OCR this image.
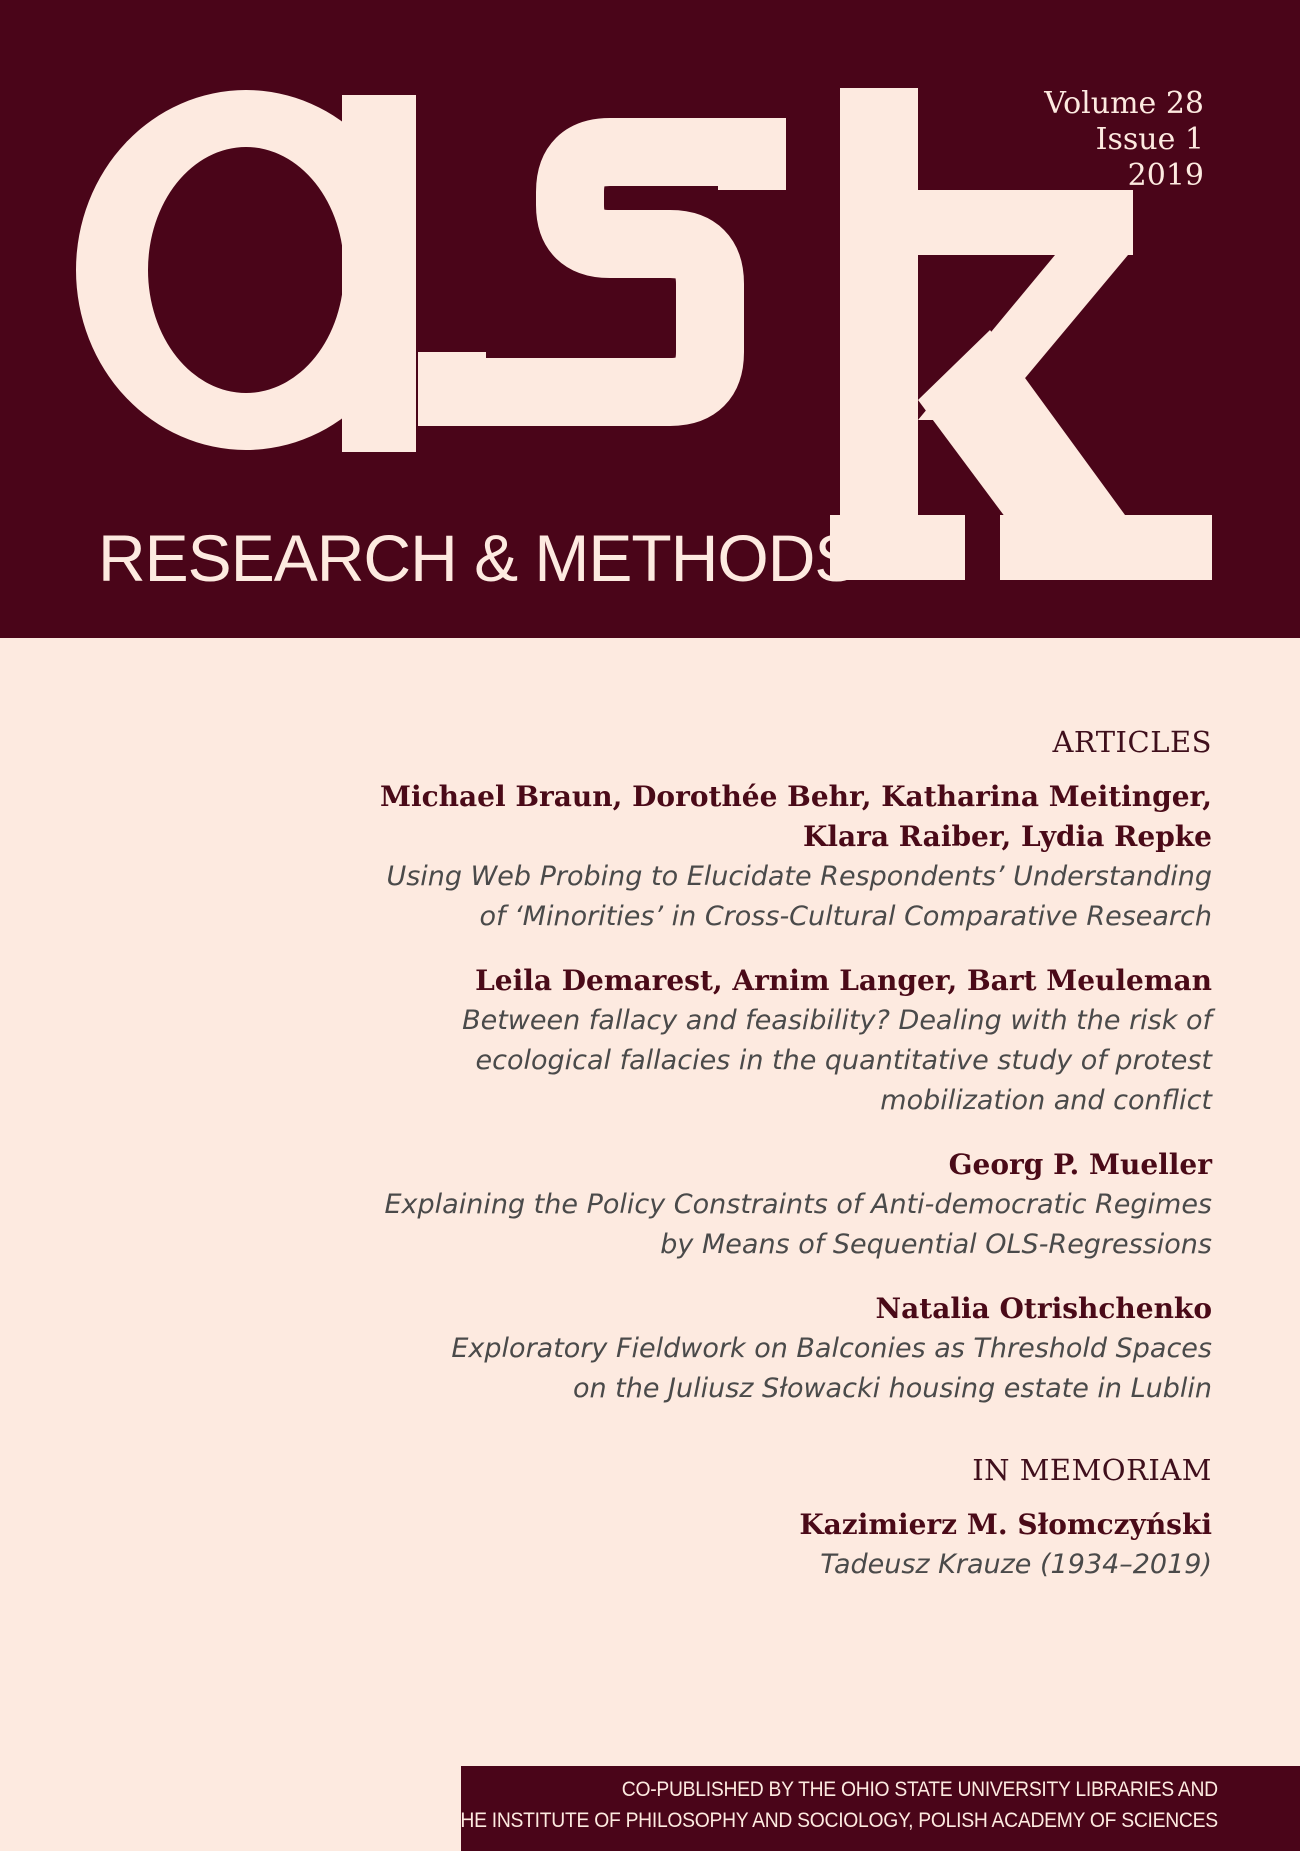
RESEARCH & METHODS
Volume 28
Issue 1
2019
ARTICLES
Michael Braun, Dorothée Behr, Katharina Meitinger,
Klara Raiber, Lydia Repke
Using Web Probing to Elucidate Respondents’ Understanding
of ‘Minorities’ in Cross-Cultural Comparative Research
Leila Demarest, Arnim Langer, Bart Meuleman
Between fallacy and feasibility? Dealing with the risk of
ecological fallacies in the quantitative study of protest
mobilization and conflict
Georg P. Mueller
Explaining the Policy Constraints of Anti-democratic Regimes
by Means of Sequential OLS-Regressions
Natalia Otrishchenko
Exploratory Fieldwork on Balconies as Threshold Spaces
on the Juliusz Słowacki housing estate in Lublin
IN MEMORIAM
Kazimierz M. Słomczyński
Tadeusz Krauze (1934–2019)
CO-PUBLISHED BY THE OHIO STATE UNIVERSITY LIBRARIES AND
THE INSTITUTE OF PHILOSOPHY AND SOCIOLOGY, POLISH ACADEMY OF SCIENCES
